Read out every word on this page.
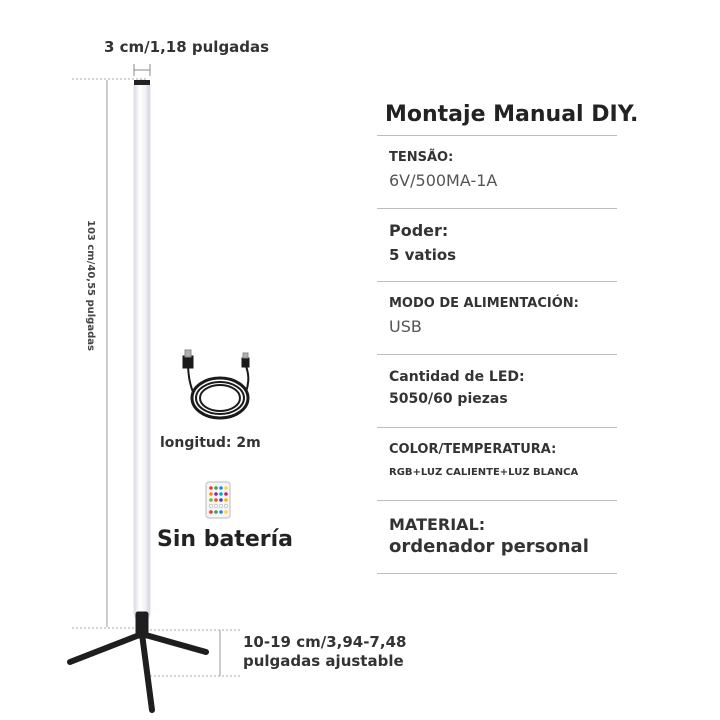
3 cm/1,18 pulgadas
103 cm/40,55 pulgadas
longitud: 2m
Sin batería
10-19 cm/3,94-7,48
pulgadas ajustable
Montaje Manual DIY.
TENSÃO:
6V/500MA-1A
Poder:
5 vatios
MODO DE ALIMENTACIÓN:
USB
Cantidad de LED:
5050/60 piezas
COLOR/TEMPERATURA:
RGB+LUZ CALIENTE+LUZ BLANCA
MATERIAL:
ordenador personal
